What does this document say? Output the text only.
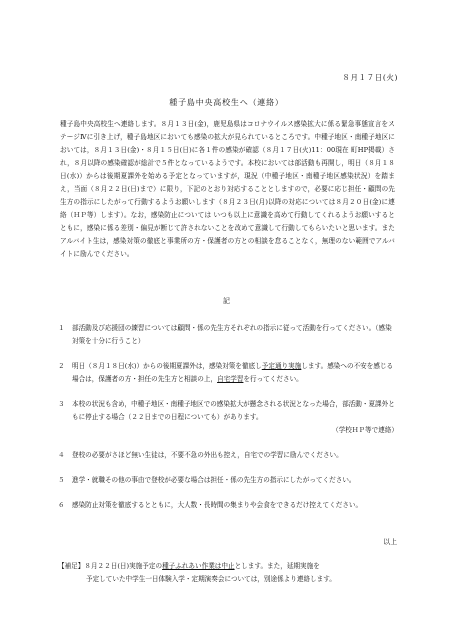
８月１７日(火)
種子島中央高校生へ（連絡）
種子島中央高校生へ連絡します。８月１３日(金)，鹿児島県はコロナウイルス感染拡大に係る緊急事態宣言をステージⅣに引き上げ，種子島地区においても感染の拡大が見られているところです。中種子地区・南種子地区においては，８月１３日(金)・８月１５日(日)に各１件の感染が確認（８月１７日(火)11：00現在 町HP掲載）され，８月以降の感染確認が総計で５件となっているようです。本校においては部活動も再開し，明日（８月１８日(水)）からは後期夏課外を始める予定となっていますが，現況（中種子地区・南種子地区感染状況）を踏まえ，当面（８月２２日(日)まで）に限り，下記のとおり対応することとしますので，必要に応じ担任・顧問の先生方の指示にしたがって行動するようお願いします（８月２３日(月)以降の対応については８月２０日(金)に連絡（ＨＰ等）します）。なお，感染防止については いつも以上に意識を高めて行動してくれるようお願いするとともに，感染に係る差別・偏見が断じて許されないことを改めて意識して行動してもらいたいと思います。またアルバイト生は，感染対策の徹底と事業所の方・保護者の方との相談を怠ることなく，無理のない範囲でアルバイトに励んでください。
記
１ 部活動及び応援団の練習については顧問・係の先生方それぞれの指示に従って活動を行ってください。（感染対策を十分に行うこと）
２ 明日（８月１８日(水)）からの後期夏課外は，感染対策を徹底し予定通り実施します。感染への不安を感じる場合は，保護者の方・担任の先生方と相談の上，自宅学習を行ってください。
３ 本校の状況も含め，中種子地区・南種子地区での感染拡大が懸念される状況となった場合，部活動・夏課外ともに停止する場合（２２日までの日程についても）があります。
（学校ＨＰ等で連絡）
４ 登校の必要がさほど無い生徒は，不要不急の外出も控え，自宅での学習に励んでください。
５ 進学・就職その他の事由で登校が必要な場合は担任・係の先生方の指示にしたがってください。
６ 感染防止対策を徹底するとともに，大人数・長時間の集まりや会食をできるだけ控えてください。
以上
【補足】８月２２日(日)実施予定の種子ふれあい作業は中止とします。また，延期実施を
予定していた中学生一日体験入学・定期演奏会については，別途係より連絡します。
